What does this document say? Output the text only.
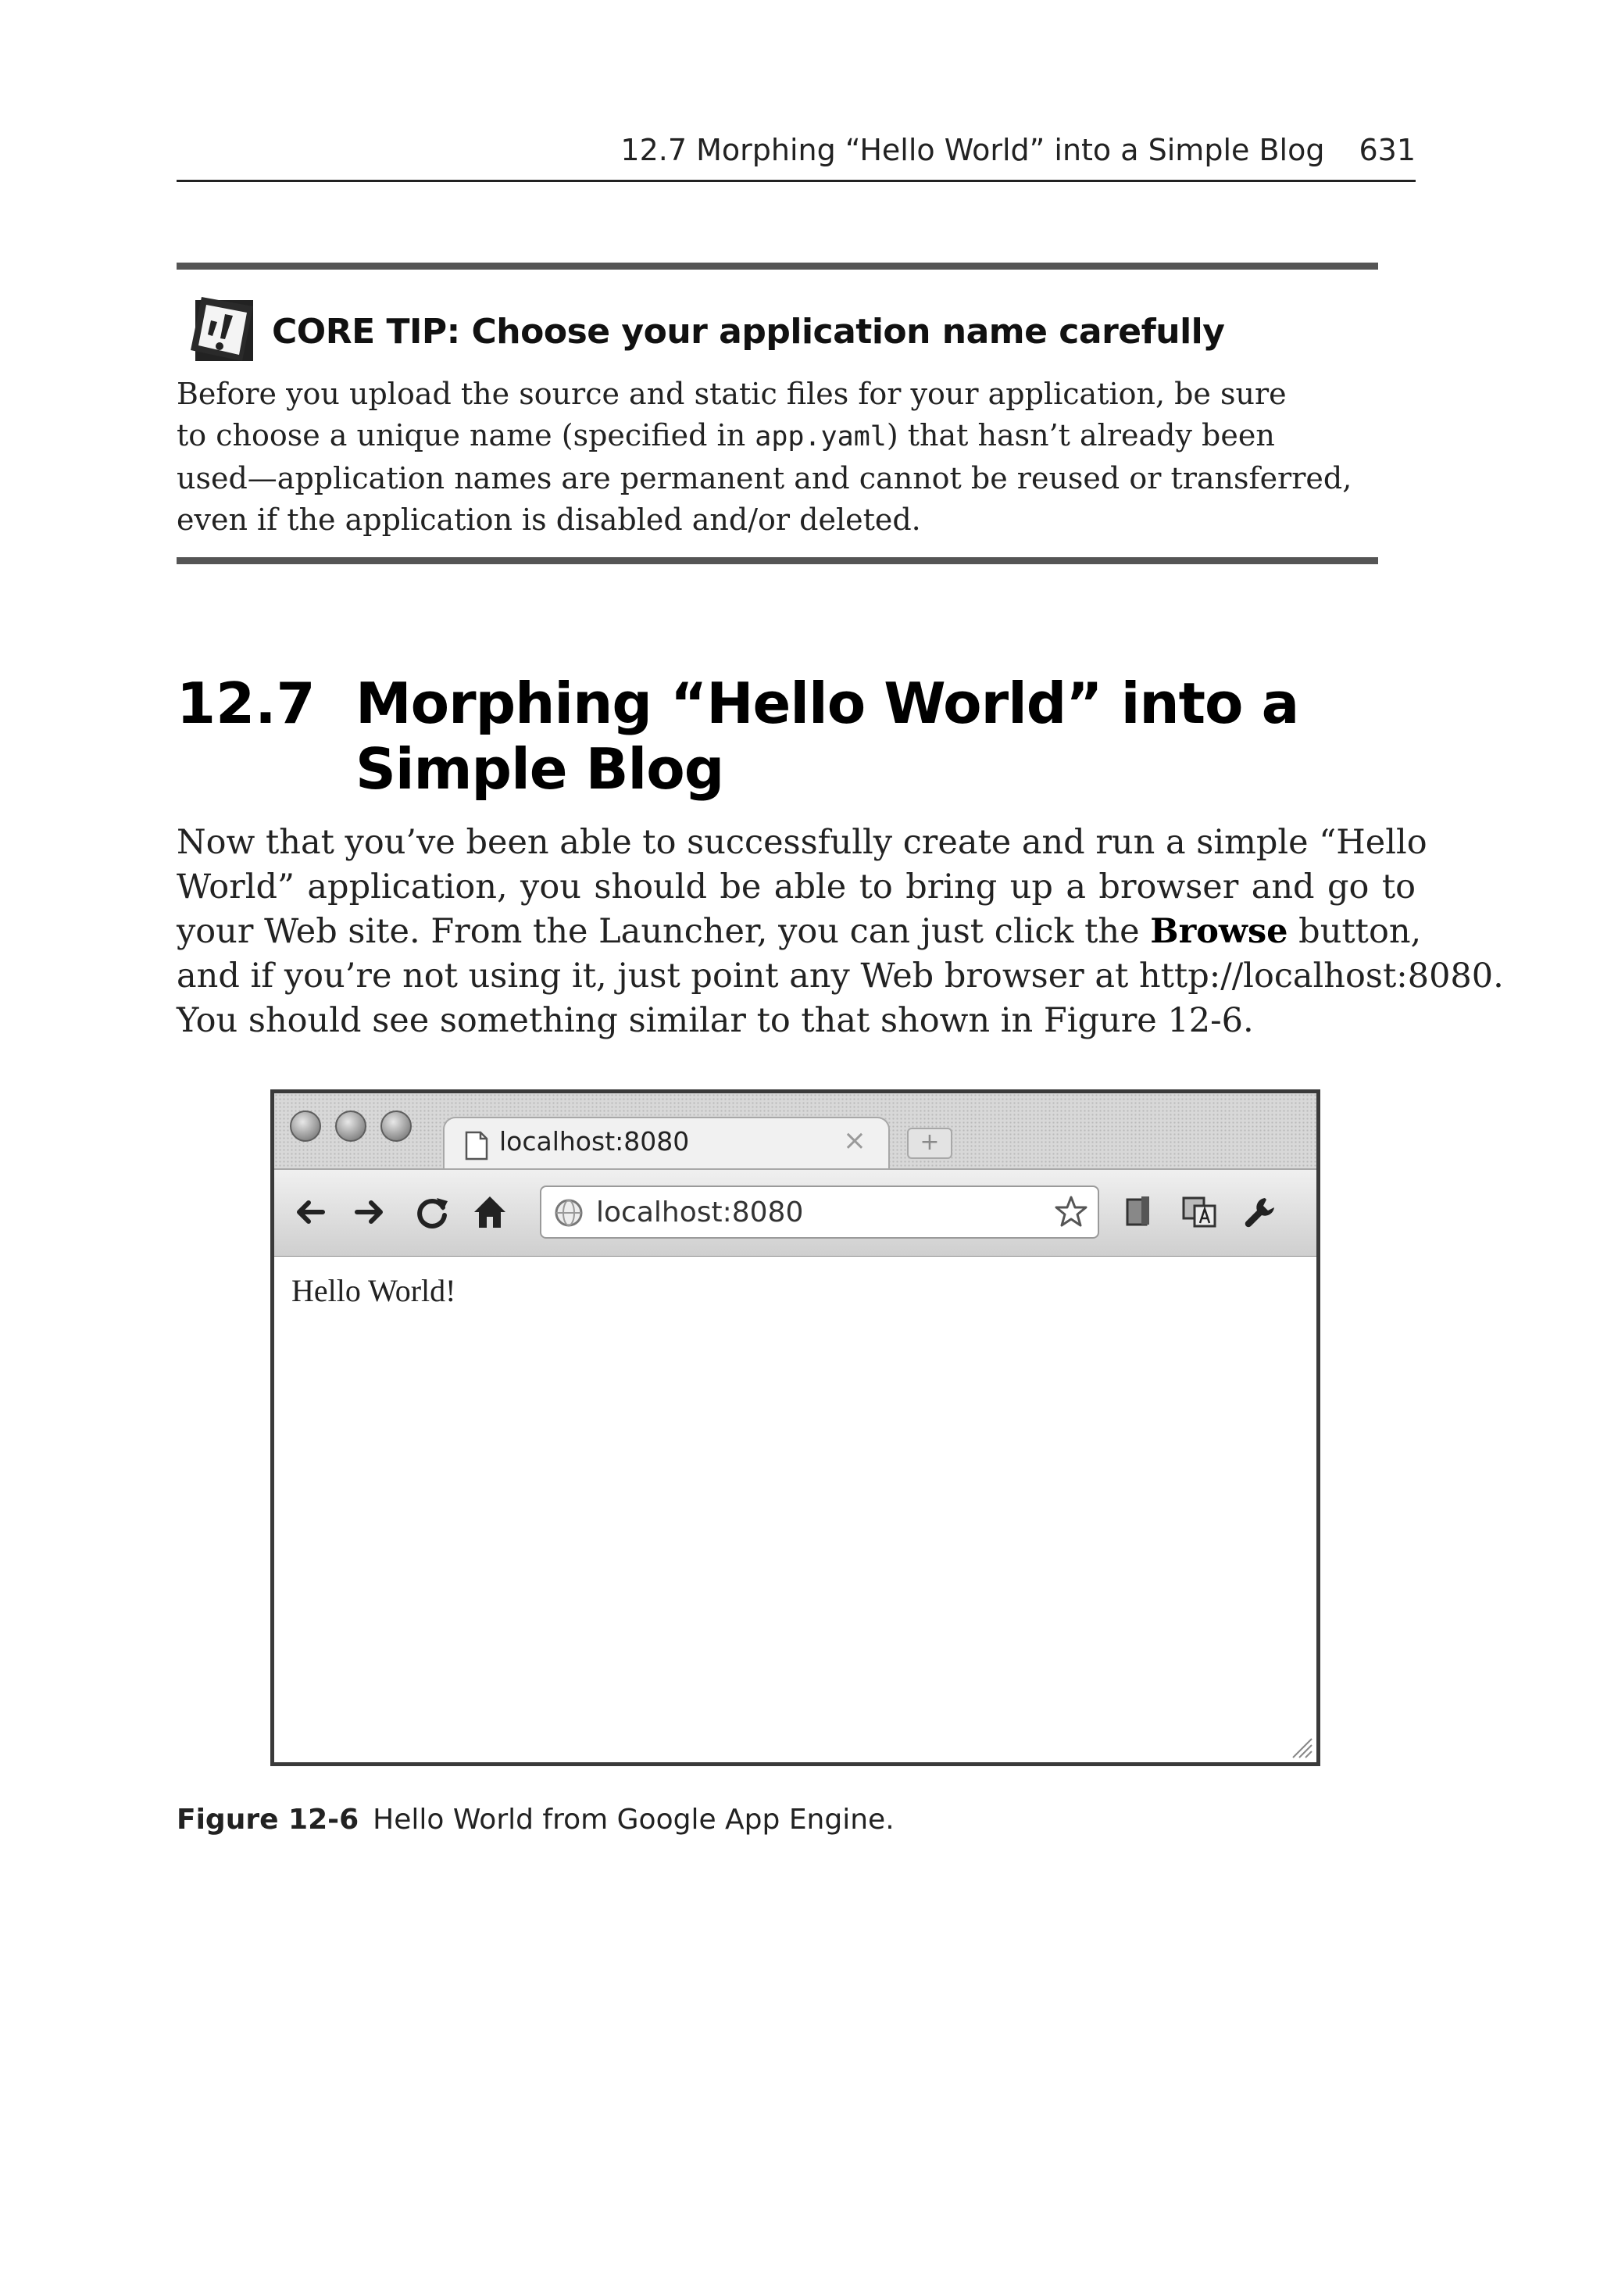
12.7 Morphing “Hello World” into a Simple Blog 631
CORE TIP: Choose your application name carefully
Before you upload the source and static files for your application, be sure
to choose a unique name (specified in app.yaml) that hasn’t already been
used—application names are permanent and cannot be reused or transferred,
even if the application is disabled and/or deleted.
12.7 Morphing “Hello World” into a
Simple Blog
Now that you’ve been able to successfully create and run a simple “Hello
World” application, you should be able to bring up a browser and go to
your Web site. From the Launcher, you can just click the Browse button,
and if you’re not using it, just point any Web browser at http://localhost:8080.
You should see something similar to that shown in Figure 12-6.
localhost:8080	×	+
localhost:8080
Hello World!
Figure 12-6 Hello World from Google App Engine.
